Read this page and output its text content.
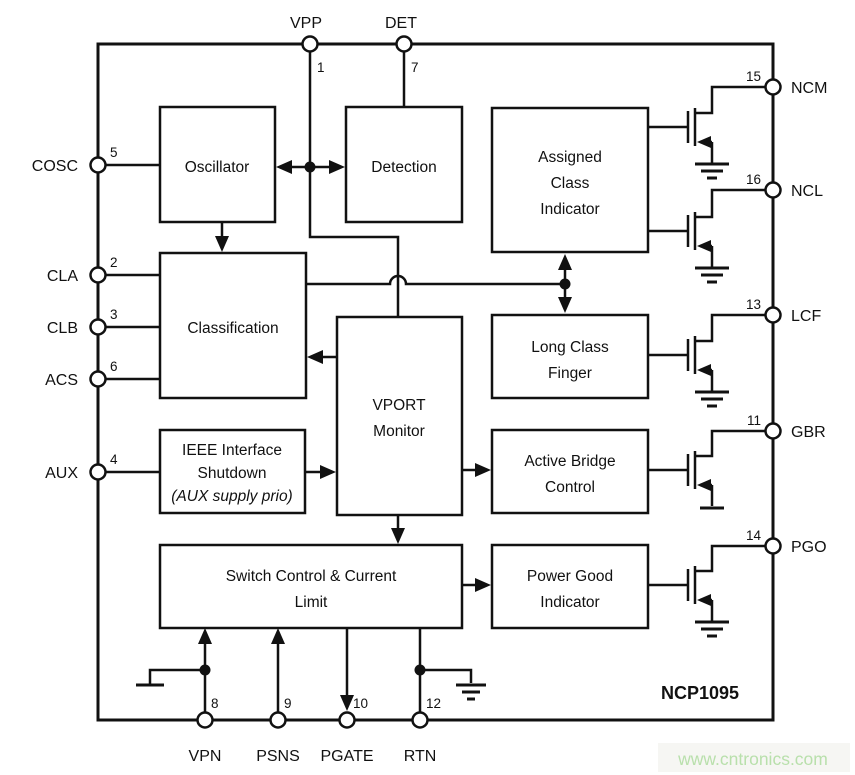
Oscillator	Detection
Assigned
Class
Indicator
Classification
VPORT
Monitor
Long Class
Finger
IEEE Interface
Shutdown
(AUX supply prio)
Active Bridge
Control
Switch Control & Current
Limit
Power Good
Indicator
VPP
1
DET
7
COSC
5
CLA
2
CLB
3
ACS
6
AUX
4
NCM
15
NCL
16
LCF
13
GBR
11
PGO
14
VPN
8
PSNS
9
PGATE
10
RTN
12
NCP1095
www.cntronics.com
